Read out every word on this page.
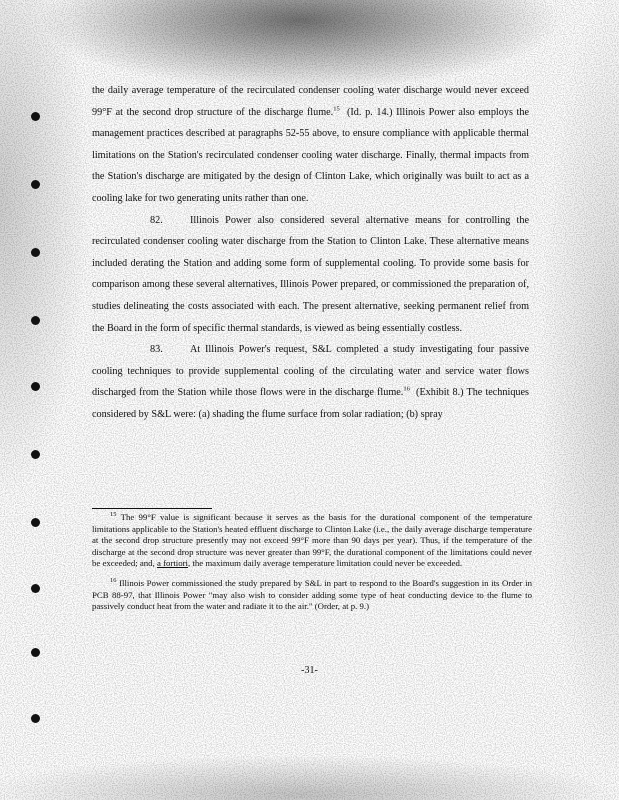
the daily average temperature of the recirculated condenser cooling water discharge would never exceed 99°F at the second drop structure of the discharge flume.$^{15}$ (Id. p. 14.) Illinois Power also employs the management practices described at paragraphs 52-55 above, to ensure compliance with applicable thermal limitations on the Station's recirculated condenser cooling water discharge. Finally, thermal impacts from the Station's discharge are mitigated by the design of Clinton Lake, which originally was built to act as a cooling lake for two generating units rather than one.

82.	Illinois Power also considered several alternative means for controlling the recirculated condenser cooling water discharge from the Station to Clinton Lake. These alternative means included derating the Station and adding some form of supplemental cooling. To provide some basis for comparison among these several alternatives, Illinois Power prepared, or commissioned the preparation of, studies delineating the costs associated with each. The present alternative, seeking permanent relief from the Board in the form of specific thermal standards, is viewed as being essentially costless.

83.	At Illinois Power's request, S&L completed a study investigating four passive cooling techniques to provide supplemental cooling of the circulating water and service water flows discharged from the Station while those flows were in the discharge flume.$^{16}$ (Exhibit 8.) The techniques considered by S&L were: (a) shading the flume surface from solar radiation; (b) spray

$^{15}$ The 99°F value is significant because it serves as the basis for the durational component of the temperature limitations applicable to the Station's heated effluent discharge to Clinton Lake (i.e., the daily average discharge temperature at the second drop structure presently may not exceed 99°F more than 90 days per year). Thus, if the temperature of the discharge at the second drop structure was never greater than 99°F, the durational component of the limitations could never be exceeded; and, a fortiori, the maximum daily average temperature limitation could never be exceeded.

$^{16}$ Illinois Power commissioned the study prepared by S&L in part to respond to the Board's suggestion in its Order in PCB 88-97, that Illinois Power "may also wish to consider adding some type of heat conducting device to the flume to passively conduct heat from the water and radiate it to the air." (Order, at p. 9.)

-31-
